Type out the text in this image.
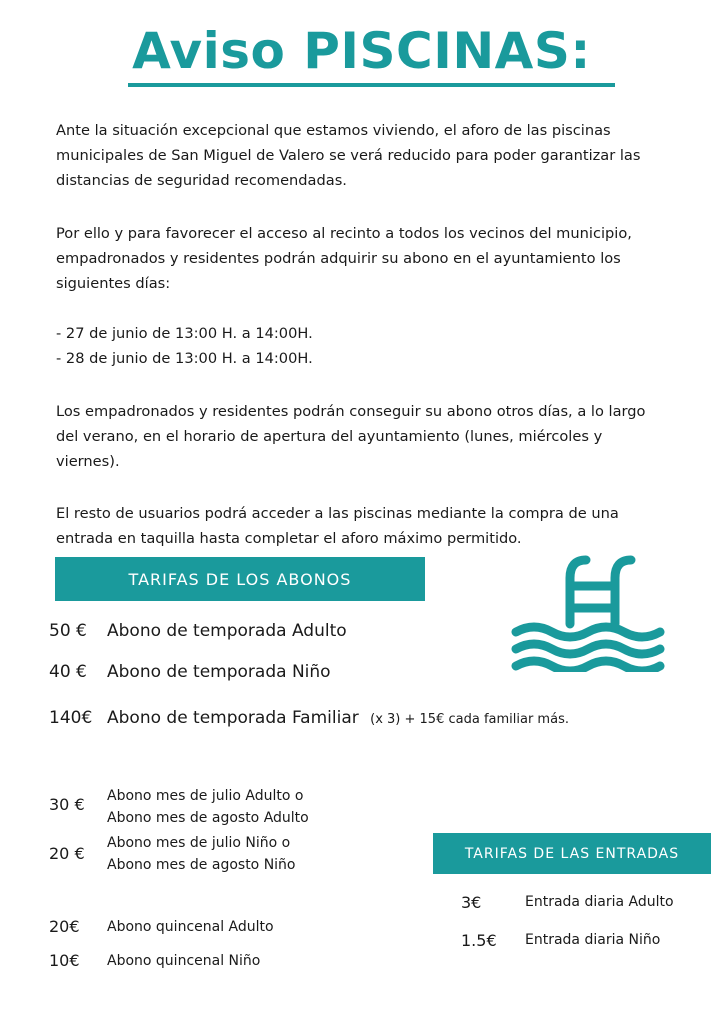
Aviso PISCINAS:
Ante la situación excepcional que estamos viviendo, el aforo de las piscinas
municipales de San Miguel de Valero se verá reducido para poder garantizar las
distancias de seguridad recomendadas.
Por ello y para favorecer el acceso al recinto a todos los vecinos del municipio,
empadronados y residentes podrán adquirir su abono en el ayuntamiento los
siguientes días:
- 27 de junio de 13:00 H. a 14:00H.
- 28 de junio de 13:00 H. a 14:00H.
Los empadronados y residentes podrán conseguir su abono otros días, a lo largo
del verano, en el horario de apertura del ayuntamiento (lunes, miércoles y
viernes).
El resto de usuarios podrá acceder a las piscinas mediante la compra de una
entrada en taquilla hasta completar el aforo máximo permitido.
TARIFAS DE LOS ABONOS
50 € Abono de temporada Adulto
40 € Abono de temporada Niño
140€ Abono de temporada Familiar (x 3) + 15€ cada familiar más.
30 € Abono mes de julio Adulto o
Abono mes de agosto Adulto
20 €
Abono mes de julio Niño o
Abono mes de agosto Niño
20€ Abono quincenal Adulto
10€ Abono quincenal Niño
TARIFAS DE LAS ENTRADAS
3€	Entrada diaria Adulto
1.5€ Entrada diaria Niño
